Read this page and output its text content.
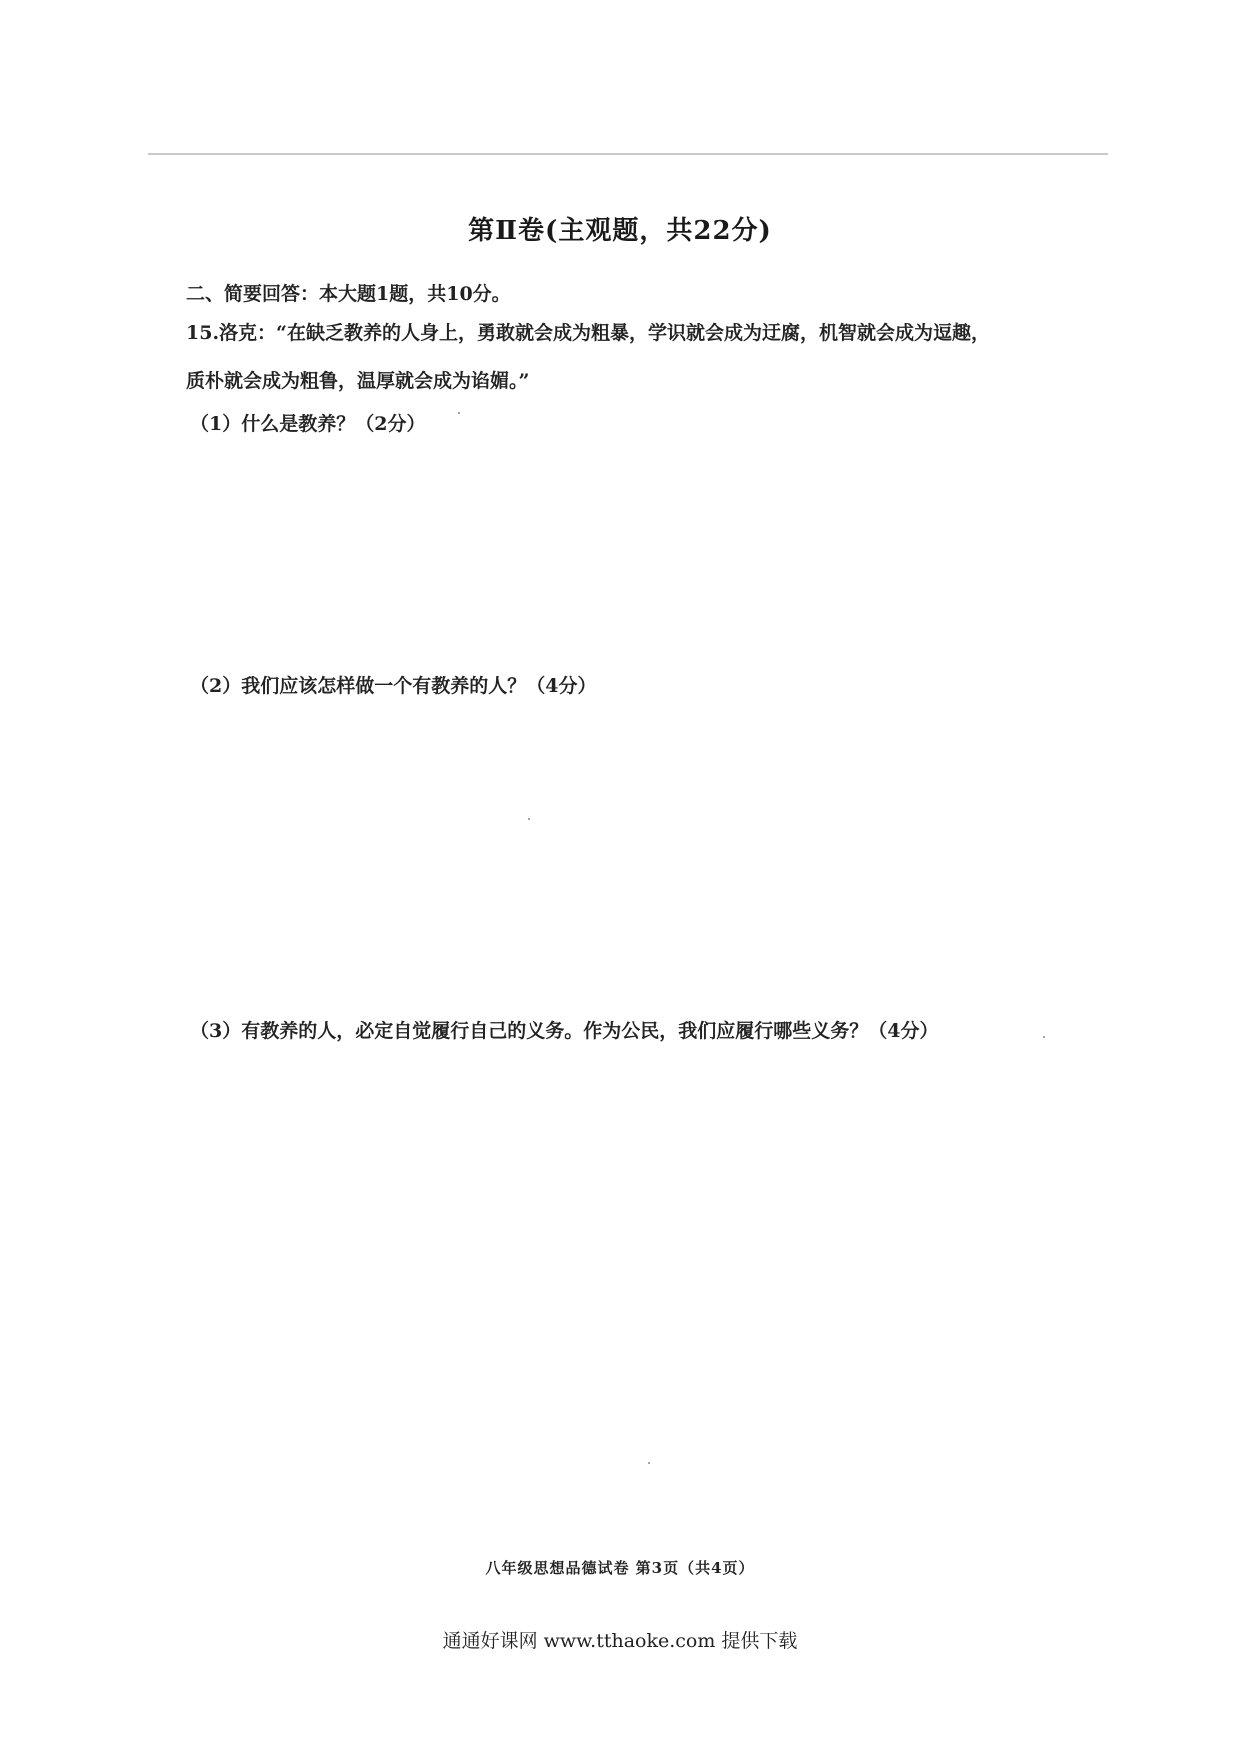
第Ⅱ卷(主观题，共22分)
二、简要回答：本大题1题，共10分。
15.洛克：“在缺乏教养的人身上，勇敢就会成为粗暴，学识就会成为迂腐，机智就会成为逗趣，
质朴就会成为粗鲁，温厚就会成为谄媚。”
（1）什么是教养？（2分）
（2）我们应该怎样做一个有教养的人？（4分）
（3）有教养的人，必定自觉履行自己的义务。作为公民，我们应履行哪些义务？（4分）
八年级思想品德试卷 第3页（共4页）
通通好课网 www.tthaoke.com 提供下载
